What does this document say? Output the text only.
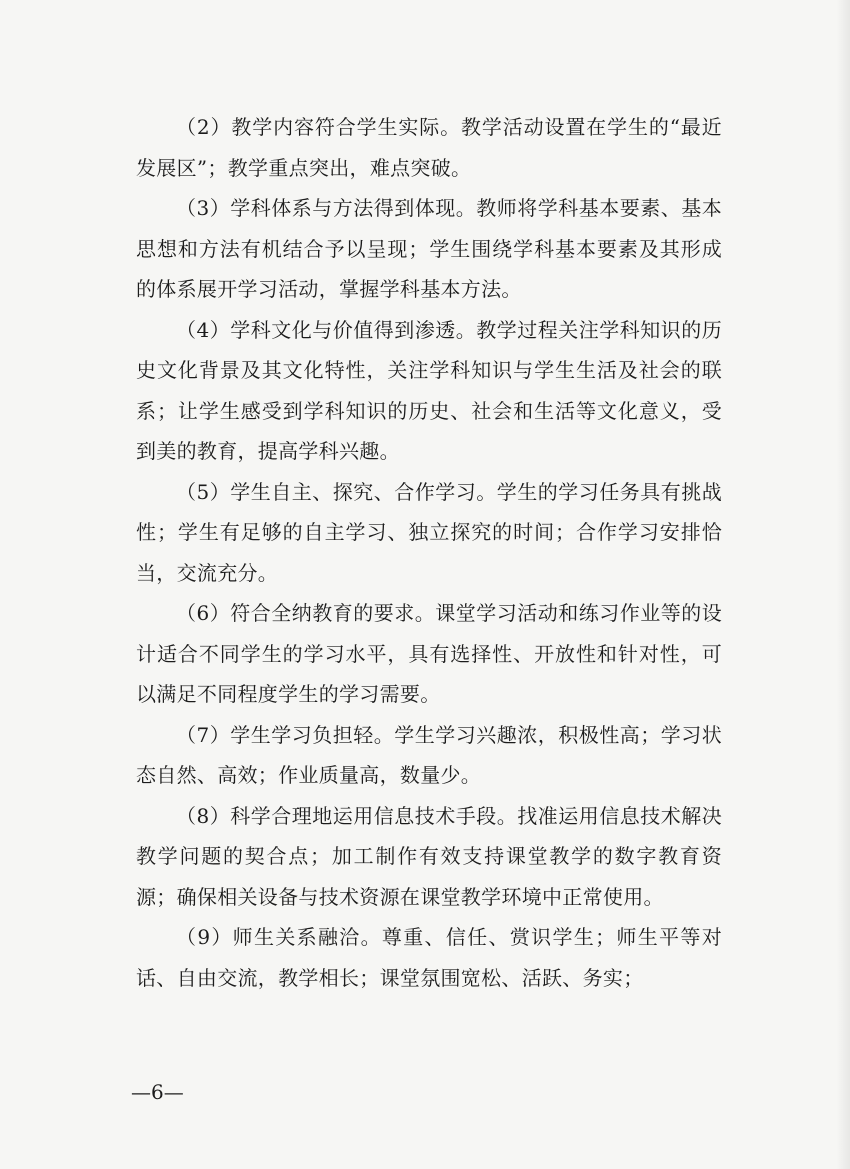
（2）教学内容符合学生实际。教学活动设置在学生的“最近发展区”；教学重点突出，难点突破。

（3）学科体系与方法得到体现。教师将学科基本要素、基本思想和方法有机结合予以呈现；学生围绕学科基本要素及其形成的体系展开学习活动，掌握学科基本方法。

（4）学科文化与价值得到渗透。教学过程关注学科知识的历史文化背景及其文化特性，关注学科知识与学生生活及社会的联系；让学生感受到学科知识的历史、社会和生活等文化意义，受到美的教育，提高学科兴趣。

（5）学生自主、探究、合作学习。学生的学习任务具有挑战性；学生有足够的自主学习、独立探究的时间；合作学习安排恰当，交流充分。

（6）符合全纳教育的要求。课堂学习活动和练习作业等的设计适合不同学生的学习水平，具有选择性、开放性和针对性，可以满足不同程度学生的学习需要。

（7）学生学习负担轻。学生学习兴趣浓，积极性高；学习状态自然、高效；作业质量高，数量少。

（8）科学合理地运用信息技术手段。找准运用信息技术解决教学问题的契合点；加工制作有效支持课堂教学的数字教育资源；确保相关设备与技术资源在课堂教学环境中正常使用。

（9）师生关系融洽。尊重、信任、赏识学生；师生平等对话、自由交流，教学相长；课堂氛围宽松、活跃、务实；

—6—
